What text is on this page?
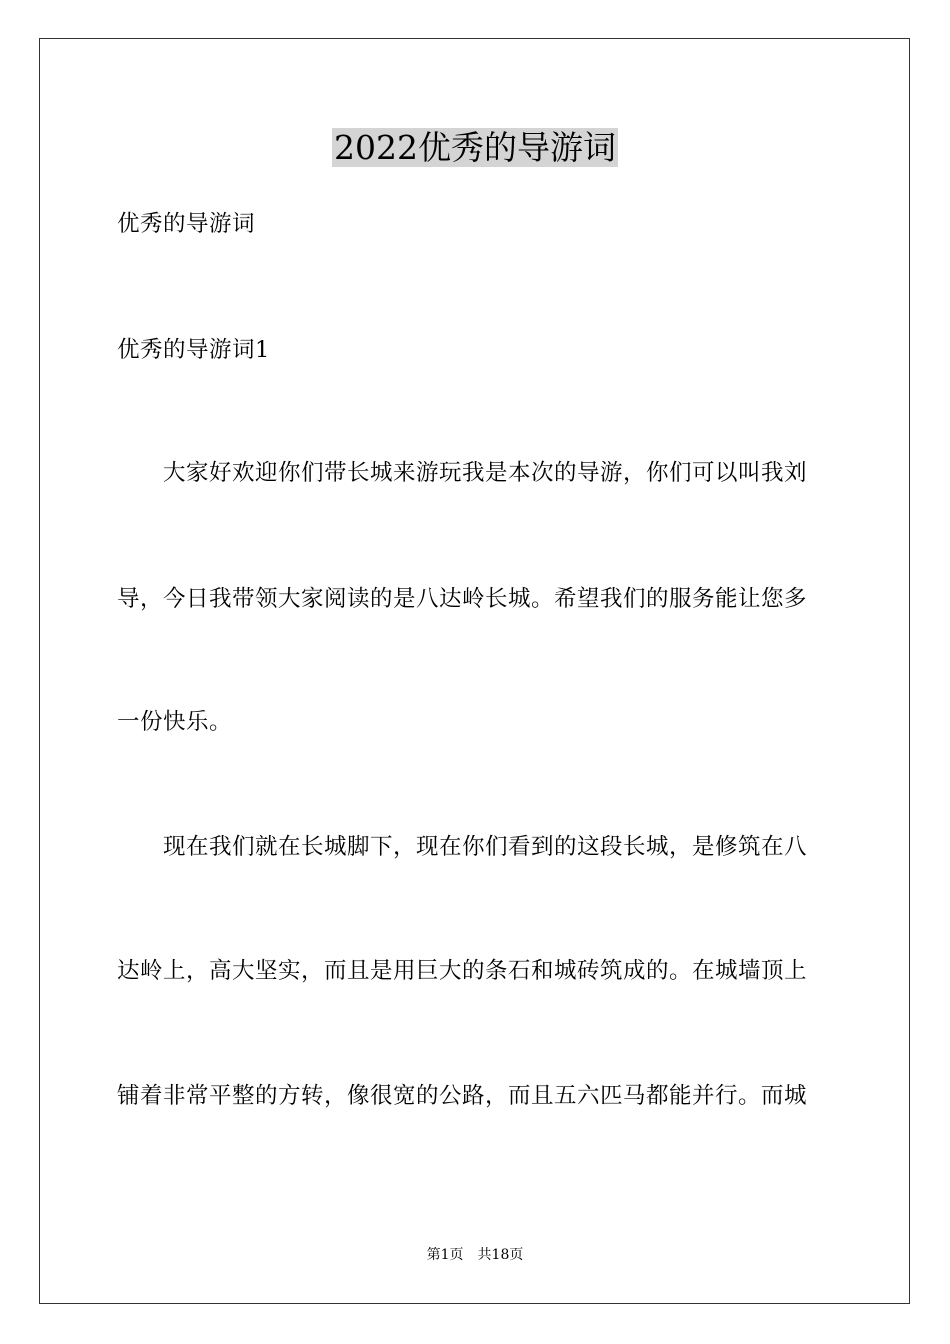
2022优秀的导游词
优秀的导游词
优秀的导游词1
大家好欢迎你们带长城来游玩我是本次的导游，你们可以叫我刘
导，今日我带领大家阅读的是八达岭长城。希望我们的服务能让您多
一份快乐。
现在我们就在长城脚下，现在你们看到的这段长城，是修筑在八
达岭上，高大坚实，而且是用巨大的条石和城砖筑成的。在城墙顶上
铺着非常平整的方转，像很宽的公路，而且五六匹马都能并行。而城
第1页 共18页
